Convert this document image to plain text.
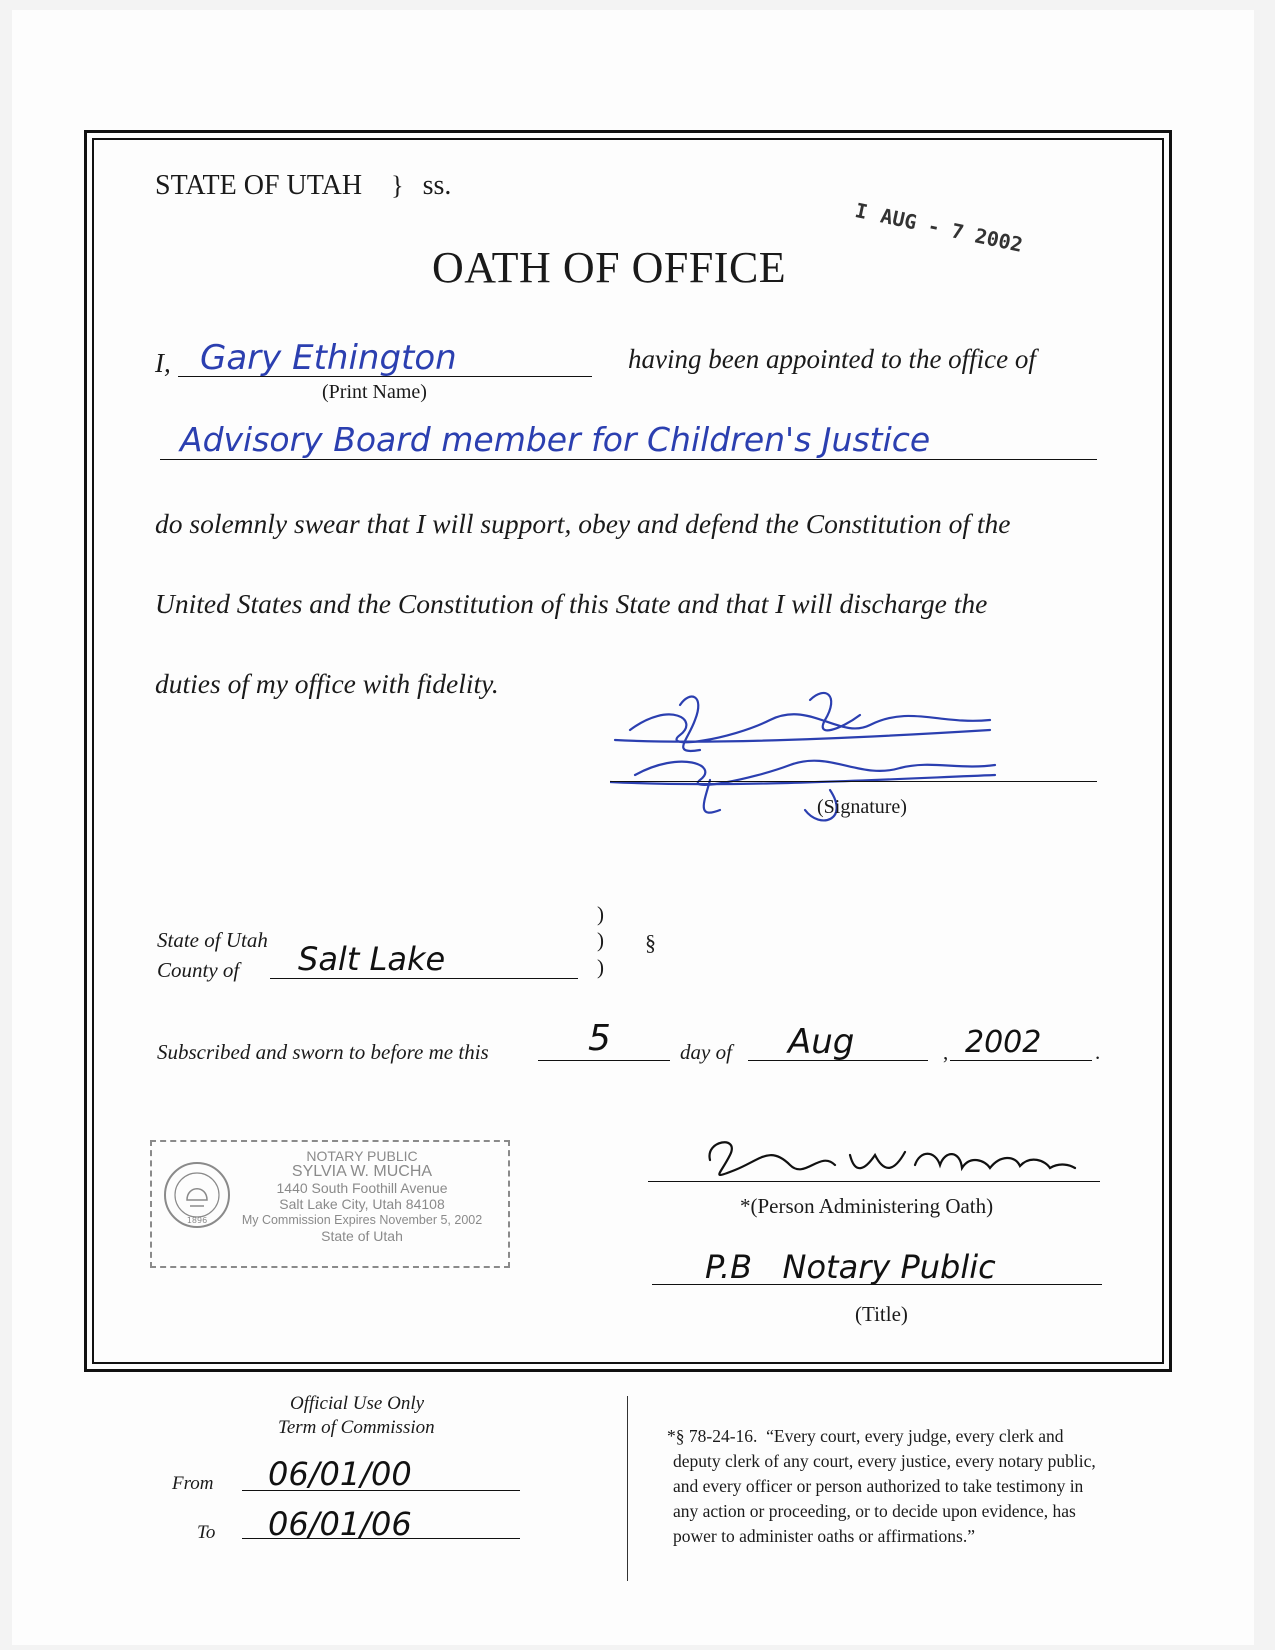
STATE OF UTAH } ss.
I AUG - 7 2002
OATH OF OFFICE
I, Gary Ethington
(Print Name)
having been appointed to the office of
Advisory Board member for Children's Justice
do solemnly swear that I will support, obey and defend the Constitution of the
United States and the Constitution of this State and that I will discharge the
duties of my office with fidelity.
(Signature)
State of Utah
County of Salt Lake
)
)
)
§
Subscribed and sworn to before me this	5	day of Aug	, 2002	.
1896
NOTARY PUBLIC
SYLVIA W. MUCHA
1440 South Foothill Avenue
Salt Lake City, Utah 84108
My Commission Expires November 5, 2002
State of Utah
*(Person Administering Oath)
P.B   Notary Public
(Title)
Official Use Only
Term of Commission
From 06/01/00
To 06/01/06
*§ 78-24-16.  “Every court, every judge, every clerk and
deputy clerk of any court, every justice, every notary public,
and every officer or person authorized to take testimony in
any action or proceeding, or to decide upon evidence, has
power to administer oaths or affirmations.”
